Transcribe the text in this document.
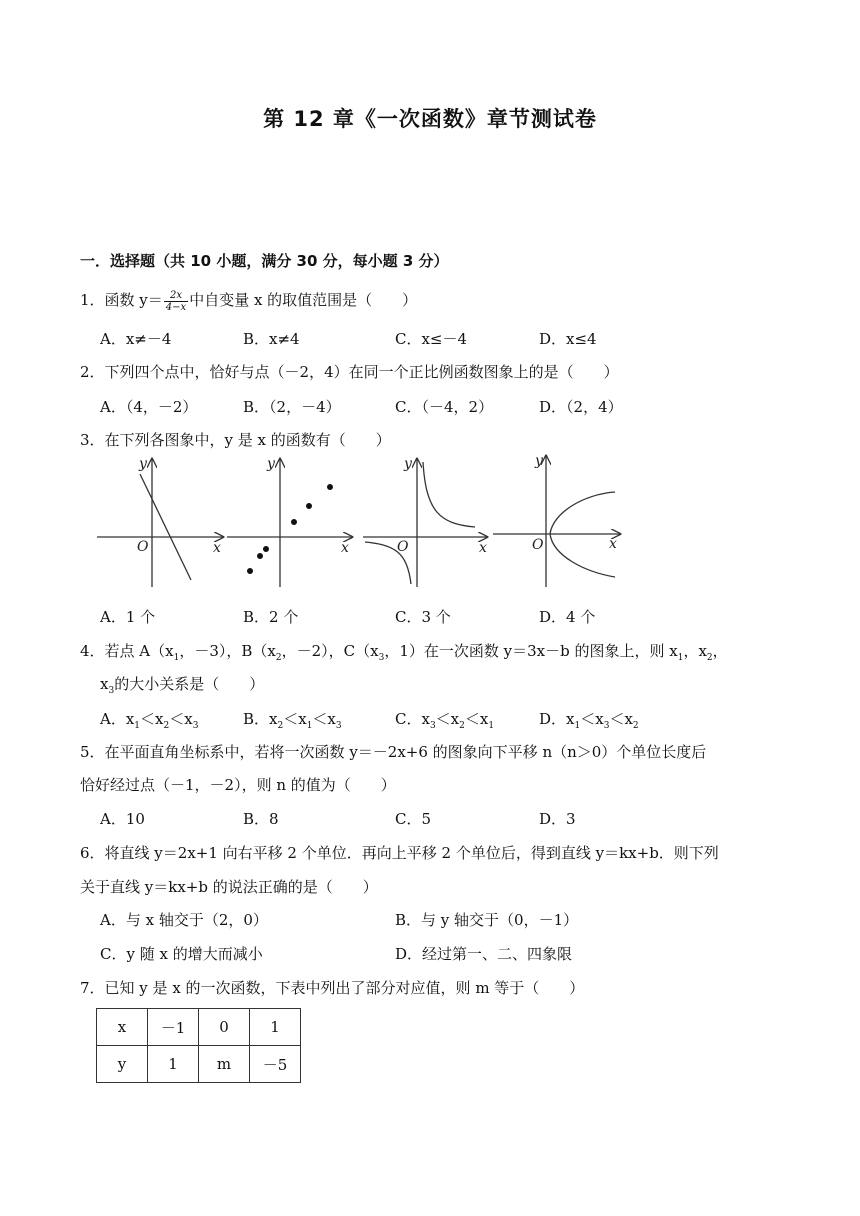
第 12 章《一次函数》章节测试卷
一．选择题（共 10 小题，满分 30 分，每小题 3 分）
1．函数 $y= \frac{2x}{4-x}$ 中自变量 x 的取值范围是（　　）
A．x≠－4	B．x≠4	C．x≤－4	D．x≤4
2．下列四个点中，恰好与点（－2，4）在同一个正比例函数图象上的是（　　）
A．（4，－2）	B．（2，－4）	C．（－4，2）	D．（2，4）
3．在下列各图象中，y 是 x 的函数有（　　）
O	x
y
x
y
O	x
y
O	x
y
A．1 个	B．2 个	C．3 个	D．4 个
4．若点 $A(x_1$，－3），$B(x_2$，－2），$C(x_3$，1）在一次函数 y＝3x－b 的图象上，则 $x_1$，$x_2$，
$x_3$的大小关系是（　　）
A．$x_1<x_2<x_3$	B．$x_2<x_1<x_3$	C．$x_3<x_2<x_1$	D．$x_1<x_3<x_2$
5．在平面直角坐标系中，若将一次函数 y＝－2x+6 的图象向下平移 n（n＞0）个单位长度后
恰好经过点（－1，－2），则 n 的值为（　　）
A．10	B．8	C．5	D．3
6．将直线 y＝2x+1 向右平移 2 个单位．再向上平移 2 个单位后，得到直线 y＝kx+b．则下列
关于直线 y＝kx+b 的说法正确的是（　　）
A．与 x 轴交于（2，0）	B．与 y 轴交于（0，－1）
C．y 随 x 的增大而减小	D．经过第一、二、四象限
7．已知 y 是 x 的一次函数，下表中列出了部分对应值，则 m 等于（　　）
x	－1	0	1
y	1	m	－5
